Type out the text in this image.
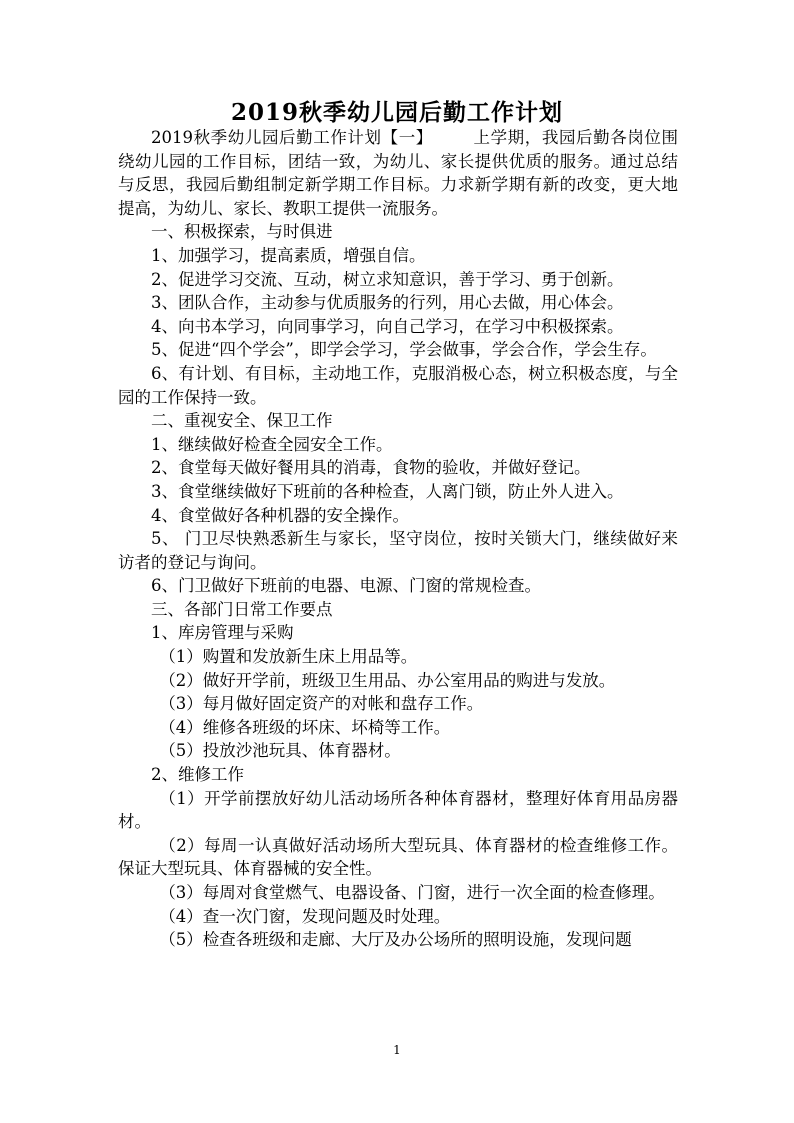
2019秋季幼儿园后勤工作计划

2019秋季幼儿园后勤工作计划【一】 上学期，我园后勤各岗位围绕幼儿园的工作目标，团结一致，为幼儿、家长提供优质的服务。通过总结与反思，我园后勤组制定新学期工作目标。力求新学期有新的改变，更大地提高，为幼儿、家长、教职工提供一流服务。

一、积极探索，与时俱进

1、加强学习，提高素质，增强自信。

2、促进学习交流、互动，树立求知意识，善于学习、勇于创新。

3、团队合作，主动参与优质服务的行列，用心去做，用心体会。

4、向书本学习，向同事学习，向自己学习，在学习中积极探索。

5、促进“四个学会”，即学会学习，学会做事，学会合作，学会生存。

6、有计划、有目标，主动地工作，克服消极心态，树立积极态度，与全园的工作保持一致。

二、重视安全、保卫工作

1、继续做好检查全园安全工作。

2、食堂每天做好餐用具的消毒，食物的验收，并做好登记。

3、食堂继续做好下班前的各种检查，人离门锁，防止外人进入。

4、食堂做好各种机器的安全操作。

5、 门卫尽快熟悉新生与家长，坚守岗位，按时关锁大门，继续做好来访者的登记与询问。

6、门卫做好下班前的电器、电源、门窗的常规检查。

三、各部门日常工作要点

1、库房管理与采购

（1）购置和发放新生床上用品等。

（2）做好开学前，班级卫生用品、办公室用品的购进与发放。

（3）每月做好固定资产的对帐和盘存工作。

（4）维修各班级的坏床、坏椅等工作。

（5）投放沙池玩具、体育器材。

2、维修工作

（1）开学前摆放好幼儿活动场所各种体育器材，整理好体育用品房器材。

（2）每周一认真做好活动场所大型玩具、体育器材的检查维修工作。保证大型玩具、体育器械的安全性。

（3）每周对食堂燃气、电器设备、门窗，进行一次全面的检查修理。

（4）查一次门窗，发现问题及时处理。

（5）检查各班级和走廊、大厅及办公场所的照明设施，发现问题

1
